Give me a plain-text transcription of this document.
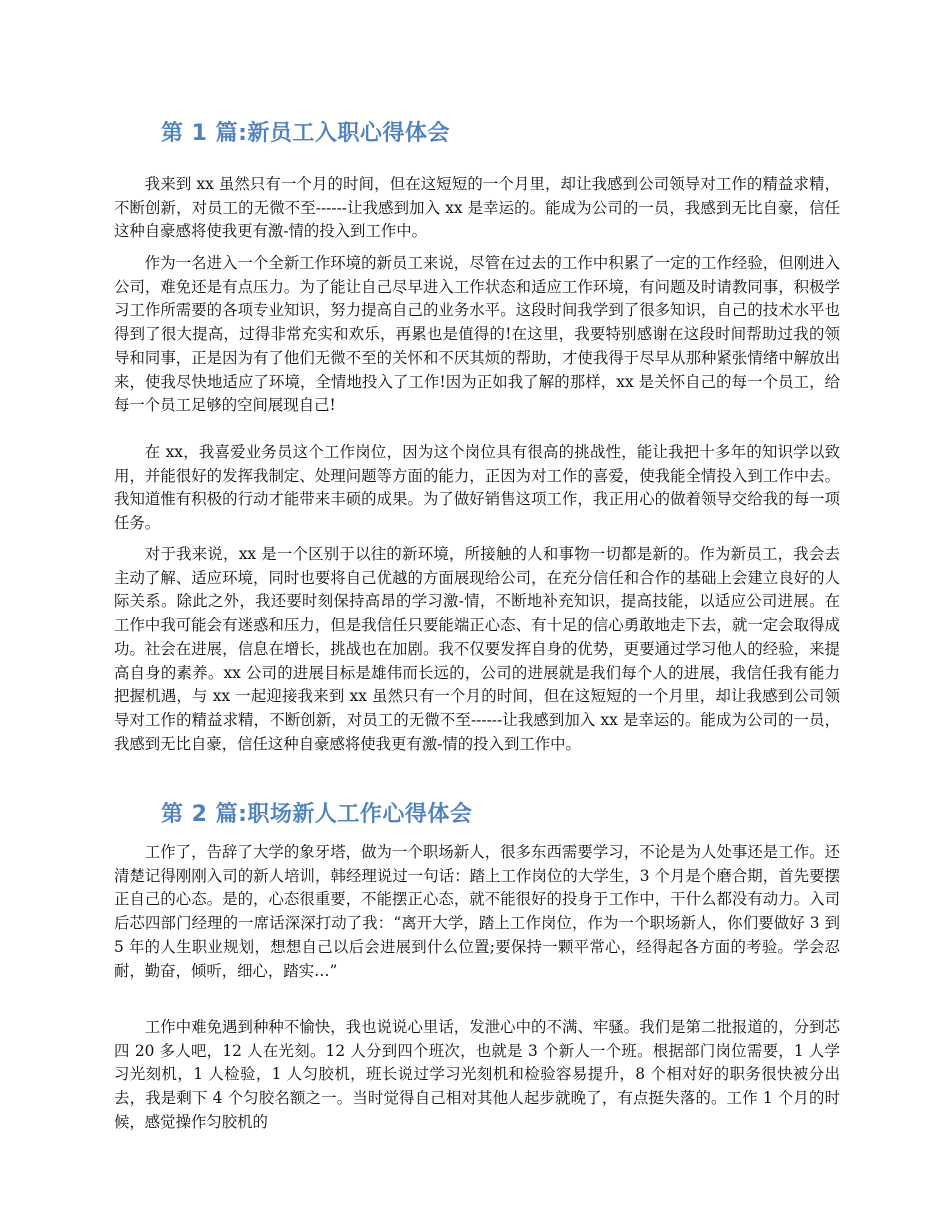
第 1 篇:新员工入职心得体会

我来到 xx 虽然只有一个月的时间，但在这短短的一个月里，却让我感到公司领导对工作的精益求精，不断创新，对员工的无微不至------让我感到加入 xx 是幸运的。能成为公司的一员，我感到无比自豪，信任这种自豪感将使我更有激-情的投入到工作中。

作为一名进入一个全新工作环境的新员工来说，尽管在过去的工作中积累了一定的工作经验，但刚进入公司，难免还是有点压力。为了能让自己尽早进入工作状态和适应工作环境，有问题及时请教同事，积极学习工作所需要的各项专业知识，努力提高自己的业务水平。这段时间我学到了很多知识，自己的技术水平也得到了很大提高，过得非常充实和欢乐，再累也是值得的!在这里，我要特别感谢在这段时间帮助过我的领导和同事，正是因为有了他们无微不至的关怀和不厌其烦的帮助，才使我得于尽早从那种紧张情绪中解放出来，使我尽快地适应了环境，全情地投入了工作!因为正如我了解的那样，xx 是关怀自己的每一个员工，给每一个员工足够的空间展现自己!

在 xx，我喜爱业务员这个工作岗位，因为这个岗位具有很高的挑战性，能让我把十多年的知识学以致用，并能很好的发挥我制定、处理问题等方面的能力，正因为对工作的喜爱，使我能全情投入到工作中去。我知道惟有积极的行动才能带来丰硕的成果。为了做好销售这项工作，我正用心的做着领导交给我的每一项任务。

对于我来说，xx 是一个区别于以往的新环境，所接触的人和事物一切都是新的。作为新员工，我会去主动了解、适应环境，同时也要将自己优越的方面展现给公司，在充分信任和合作的基础上会建立良好的人际关系。除此之外，我还要时刻保持高昂的学习激-情，不断地补充知识，提高技能，以适应公司进展。在工作中我可能会有迷惑和压力，但是我信任只要能端正心态、有十足的信心勇敢地走下去，就一定会取得成功。社会在进展，信息在增长，挑战也在加剧。我不仅要发挥自身的优势，更要通过学习他人的经验，来提高自身的素养。xx 公司的进展目标是雄伟而长远的，公司的进展就是我们每个人的进展，我信任我有能力把握机遇，与 xx 一起迎接我来到 xx 虽然只有一个月的时间，但在这短短的一个月里，却让我感到公司领导对工作的精益求精，不断创新，对员工的无微不至------让我感到加入 xx 是幸运的。能成为公司的一员，我感到无比自豪，信任这种自豪感将使我更有激-情的投入到工作中。

第 2 篇:职场新人工作心得体会

工作了，告辞了大学的象牙塔，做为一个职场新人，很多东西需要学习，不论是为人处事还是工作。还清楚记得刚刚入司的新人培训，韩经理说过一句话：踏上工作岗位的大学生，3 个月是个磨合期，首先要摆正自己的心态。是的，心态很重要，不能摆正心态，就不能很好的投身于工作中，干什么都没有动力。入司后芯四部门经理的一席话深深打动了我：“离开大学，踏上工作岗位，作为一个职场新人，你们要做好 3 到 5 年的人生职业规划，想想自己以后会进展到什么位置;要保持一颗平常心，经得起各方面的考验。学会忍耐，勤奋，倾听，细心，踏实…”

工作中难免遇到种种不愉快，我也说说心里话，发泄心中的不满、牢骚。我们是第二批报道的，分到芯四 20 多人吧，12 人在光刻。12 人分到四个班次，也就是 3 个新人一个班。根据部门岗位需要，1 人学习光刻机，1 人检验，1 人匀胶机，班长说过学习光刻机和检验容易提升，8 个相对好的职务很快被分出去，我是剩下 4 个匀胶名额之一。当时觉得自己相对其他人起步就晚了，有点挺失落的。工作 1 个月的时候，感觉操作匀胶机的
